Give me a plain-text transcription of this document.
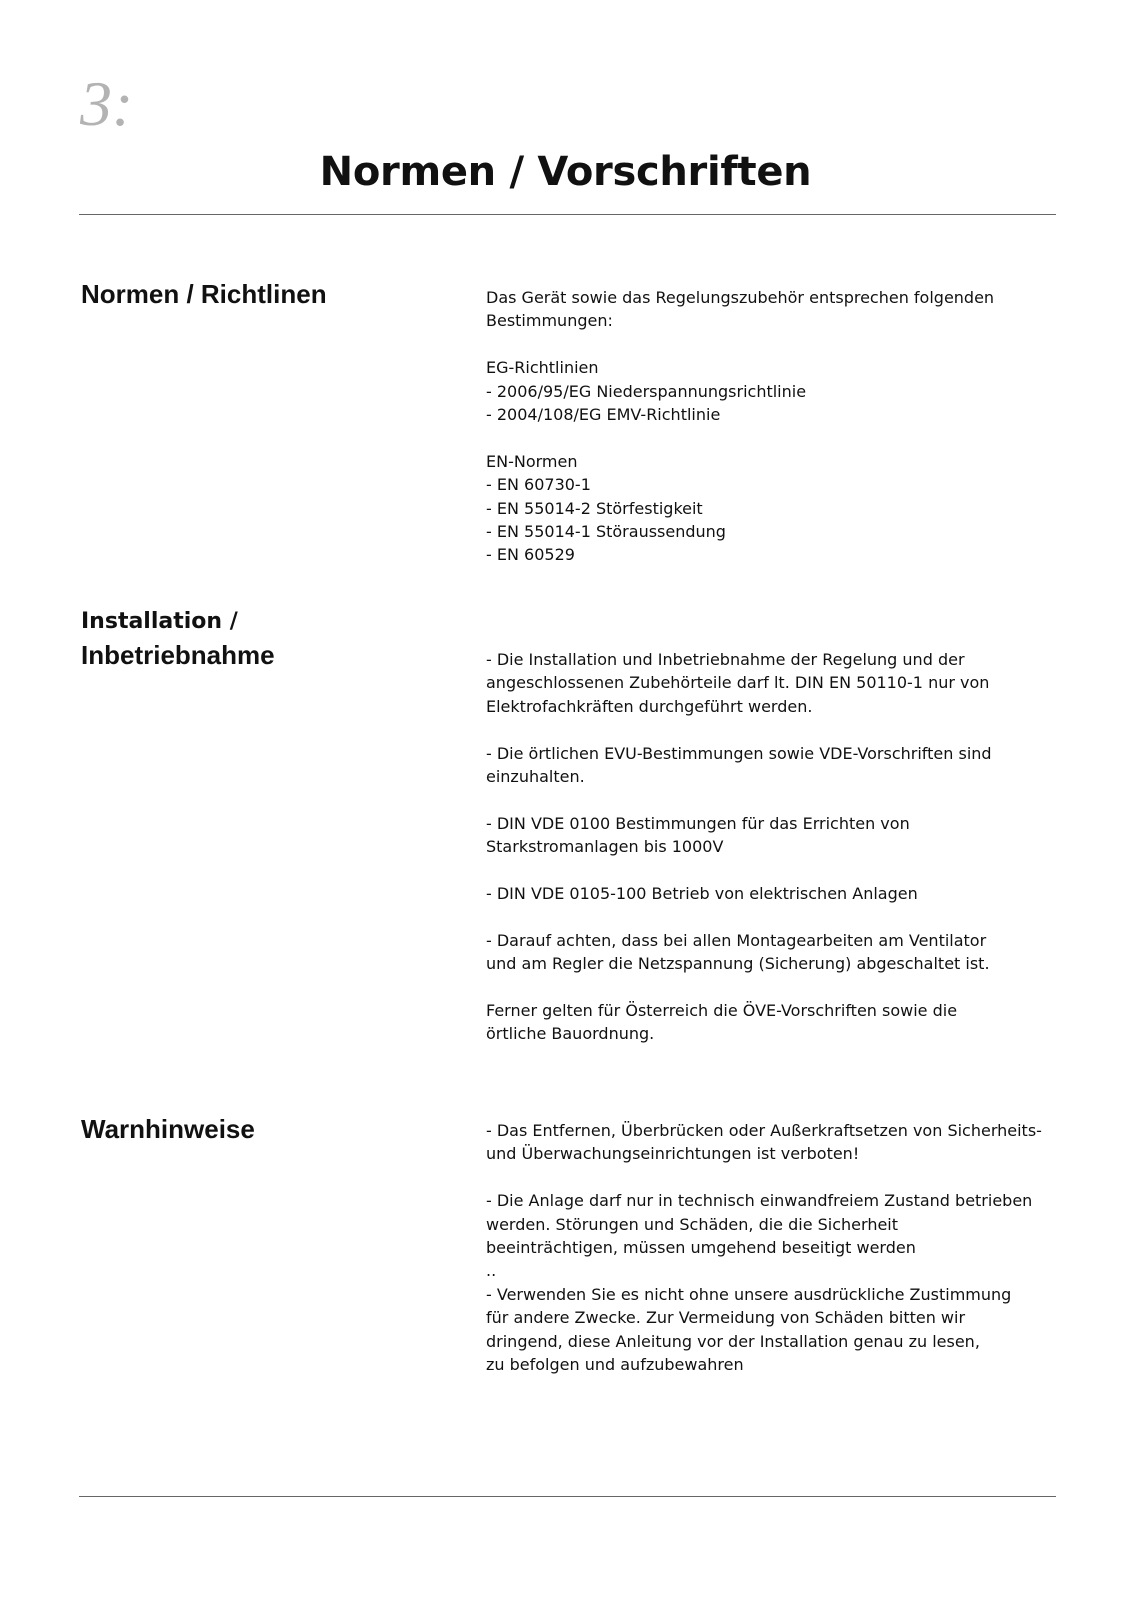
3:
Normen / Vorschriften
Normen / Richtlinen	Das Gerät sowie das Regelungszubehör entsprechen folgenden
Bestimmungen:
EG-Richtlinien
- 2006/95/EG Niederspannungsrichtlinie
- 2004/108/EG EMV-Richtlinie
EN-Normen
- EN 60730-1
- EN 55014-2 Störfestigkeit
- EN 55014-1 Störaussendung
- EN 60529
Installation /
Inbetriebnahme	- Die Installation und Inbetriebnahme der Regelung und der
angeschlossenen Zubehörteile darf lt. DIN EN 50110-1 nur von
Elektrofachkräften durchgeführt werden.
- Die örtlichen EVU-Bestimmungen sowie VDE-Vorschriften sind
einzuhalten.
- DIN VDE 0100 Bestimmungen für das Errichten von
Starkstromanlagen bis 1000V
- DIN VDE 0105-100 Betrieb von elektrischen Anlagen
- Darauf achten, dass bei allen Montagearbeiten am Ventilator
und am Regler die Netzspannung (Sicherung) abgeschaltet ist.
Ferner gelten für Österreich die ÖVE-Vorschriften sowie die
örtliche Bauordnung.
Warnhinweise	- Das Entfernen, Überbrücken oder Außerkraftsetzen von Sicherheits-
und Überwachungseinrichtungen ist verboten!
- Die Anlage darf nur in technisch einwandfreiem Zustand betrieben
werden. Störungen und Schäden, die die Sicherheit
beeinträchtigen, müssen umgehend beseitigt werden
..
- Verwenden Sie es nicht ohne unsere ausdrückliche Zustimmung
für andere Zwecke. Zur Vermeidung von Schäden bitten wir
dringend, diese Anleitung vor der Installation genau zu lesen,
zu befolgen und aufzubewahren
